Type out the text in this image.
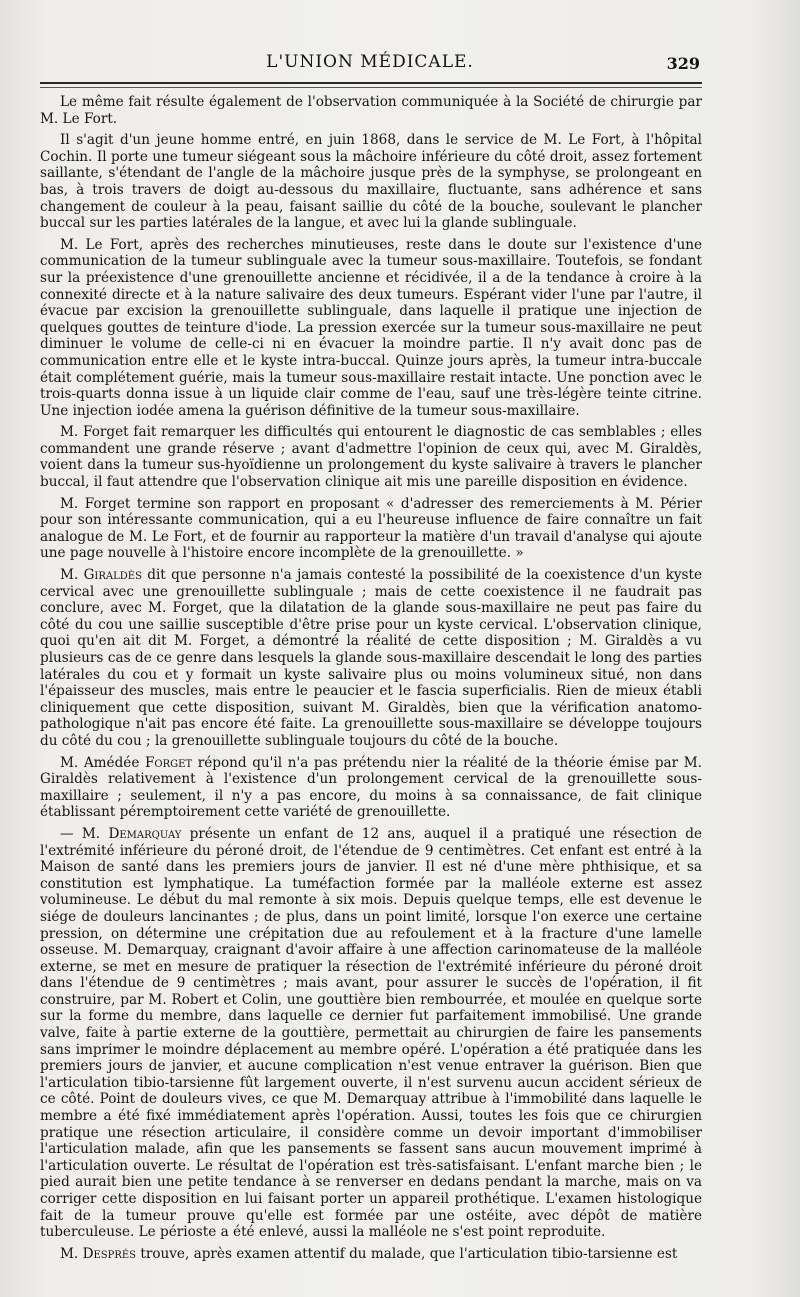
L'UNION MÉDICALE.	329

Le même fait résulte également de l'observation communiquée à la Société de chirurgie par M. Le Fort.

Il s'agit d'un jeune homme entré, en juin 1868, dans le service de M. Le Fort, à l'hôpital Cochin. Il porte une tumeur siégeant sous la mâchoire inférieure du côté droit, assez fortement saillante, s'étendant de l'angle de la mâchoire jusque près de la symphyse, se prolongeant en bas, à trois travers de doigt au-dessous du maxillaire, fluctuante, sans adhérence et sans changement de couleur à la peau, faisant saillie du côté de la bouche, soulevant le plancher buccal sur les parties latérales de la langue, et avec lui la glande sublinguale.

M. Le Fort, après des recherches minutieuses, reste dans le doute sur l'existence d'une communication de la tumeur sublinguale avec la tumeur sous-maxillaire. Toutefois, se fondant sur la préexistence d'une grenouillette ancienne et récidivée, il a de la tendance à croire à la connexité directe et à la nature salivaire des deux tumeurs. Espérant vider l'une par l'autre, il évacue par excision la grenouillette sublinguale, dans laquelle il pratique une injection de quelques gouttes de teinture d'iode. La pression exercée sur la tumeur sous-maxillaire ne peut diminuer le volume de celle-ci ni en évacuer la moindre partie. Il n'y avait donc pas de communication entre elle et le kyste intra-buccal. Quinze jours après, la tumeur intra-buccale était complétement guérie, mais la tumeur sous-maxillaire restait intacte. Une ponction avec le trois-quarts donna issue à un liquide clair comme de l'eau, sauf une très-légère teinte citrine. Une injection iodée amena la guérison définitive de la tumeur sous-maxillaire.

M. Forget fait remarquer les difficultés qui entourent le diagnostic de cas semblables ; elles commandent une grande réserve ; avant d'admettre l'opinion de ceux qui, avec M. Giraldès, voient dans la tumeur sus-hyoïdienne un prolongement du kyste salivaire à travers le plancher buccal, il faut attendre que l'observation clinique ait mis une pareille disposition en évidence.

M. Forget termine son rapport en proposant « d'adresser des remerciements à M. Périer pour son intéressante communication, qui a eu l'heureuse influence de faire connaître un fait analogue de M. Le Fort, et de fournir au rapporteur la matière d'un travail d'analyse qui ajoute une page nouvelle à l'histoire encore incomplète de la grenouillette. »

M. Giraldès dit que personne n'a jamais contesté la possibilité de la coexistence d'un kyste cervical avec une grenouillette sublinguale ; mais de cette coexistence il ne faudrait pas conclure, avec M. Forget, que la dilatation de la glande sous-maxillaire ne peut pas faire du côté du cou une saillie susceptible d'être prise pour un kyste cervical. L'observation clinique, quoi qu'en ait dit M. Forget, a démontré la réalité de cette disposition ; M. Giraldès a vu plusieurs cas de ce genre dans lesquels la glande sous-maxillaire descendait le long des parties latérales du cou et y formait un kyste salivaire plus ou moins volumineux situé, non dans l'épaisseur des muscles, mais entre le peaucier et le fascia superficialis. Rien de mieux établi cliniquement que cette disposition, suivant M. Giraldès, bien que la vérification anatomo-pathologique n'ait pas encore été faite. La grenouillette sous-maxillaire se développe toujours du côté du cou ; la grenouillette sublinguale toujours du côté de la bouche.

M. Amédée Forget répond qu'il n'a pas prétendu nier la réalité de la théorie émise par M. Giraldès relativement à l'existence d'un prolongement cervical de la grenouillette sous-maxillaire ; seulement, il n'y a pas encore, du moins à sa connaissance, de fait clinique établissant péremptoirement cette variété de grenouillette.

— M. Demarquay présente un enfant de 12 ans, auquel il a pratiqué une résection de l'extrémité inférieure du péroné droit, de l'étendue de 9 centimètres. Cet enfant est entré à la Maison de santé dans les premiers jours de janvier. Il est né d'une mère phthisique, et sa constitution est lymphatique. La tuméfaction formée par la malléole externe est assez volumineuse. Le début du mal remonte à six mois. Depuis quelque temps, elle est devenue le siége de douleurs lancinantes ; de plus, dans un point limité, lorsque l'on exerce une certaine pression, on détermine une crépitation due au refoulement et à la fracture d'une lamelle osseuse. M. Demarquay, craignant d'avoir affaire à une affection carinomateuse de la malléole externe, se met en mesure de pratiquer la résection de l'extrémité inférieure du péroné droit dans l'étendue de 9 centimètres ; mais avant, pour assurer le succès de l'opération, il fit construire, par M. Robert et Colin, une gouttière bien rembourrée, et moulée en quelque sorte sur la forme du membre, dans laquelle ce dernier fut parfaitement immobilisé. Une grande valve, faite à partie externe de la gouttière, permettait au chirurgien de faire les pansements sans imprimer le moindre déplacement au membre opéré. L'opération a été pratiquée dans les premiers jours de janvier, et aucune complication n'est venue entraver la guérison. Bien que l'articulation tibio-tarsienne fût largement ouverte, il n'est survenu aucun accident sérieux de ce côté. Point de douleurs vives, ce que M. Demarquay attribue à l'immobilité dans laquelle le membre a été fixé immédiatement après l'opération. Aussi, toutes les fois que ce chirurgien pratique une résection articulaire, il considère comme un devoir important d'immobiliser l'articulation malade, afin que les pansements se fassent sans aucun mouvement imprimé à l'articulation ouverte. Le résultat de l'opération est très-satisfaisant. L'enfant marche bien ; le pied aurait bien une petite tendance à se renverser en dedans pendant la marche, mais on va corriger cette disposition en lui faisant porter un appareil prothétique. L'examen histologique fait de la tumeur prouve qu'elle est formée par une ostéite, avec dépôt de matière tuberculeuse. Le périoste a été enlevé, aussi la malléole ne s'est point reproduite.

M. Després trouve, après examen attentif du malade, que l'articulation tibio-tarsienne est
